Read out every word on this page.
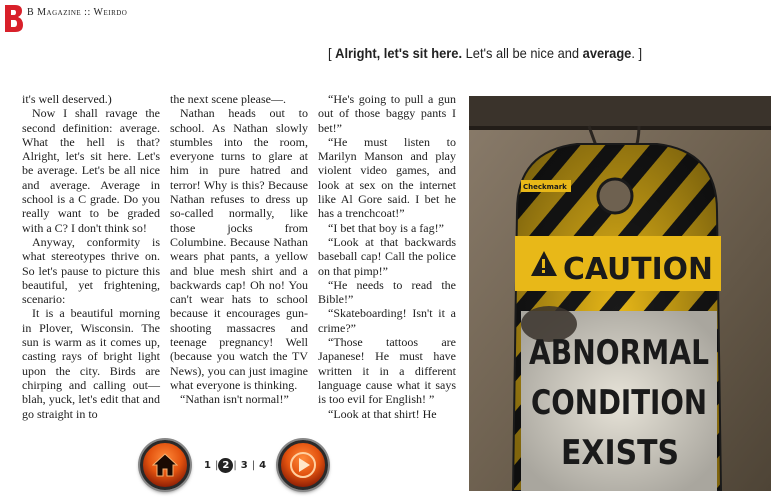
B Magazine :: Weirdo
[ Alright, let's sit here. Let's all be nice and average. ]

it's well deserved.)

Now I shall ravage the second definition: average. What the hell is that? Alright, let's sit here. Let's be average. Let's be all nice and average. Average in school is a C grade. Do you really want to be graded with a C? I don't think so!

Anyway, conformity is what stereotypes thrive on. So let's pause to picture this beautiful, yet frightening, scenario:

It is a beautiful morning in Plover, Wisconsin. The sun is warm as it comes up, casting rays of bright light upon the city. Birds are chirping and calling out—blah, yuck, let's edit that and go straight in to

the next scene please—.

Nathan heads out to school. As Nathan slowly stumbles into the room, everyone turns to glare at him in pure hatred and terror! Why is this? Because Nathan refuses to dress up so-called normally, like those jocks from Columbine. Because Nathan wears phat pants, a yellow and blue mesh shirt and a backwards cap! Oh no! You can't wear hats to school because it encourages gun-shooting massacres and teenage pregnancy! Well (because you watch the TV News), you can just imagine what everyone is thinking.

“Nathan isn't normal!”

“He's going to pull a gun out of those baggy pants I bet!”

“He must listen to Marilyn Manson and play violent video games, and look at sex on the internet like Al Gore said. I bet he has a trenchcoat!”

“I bet that boy is a fag!”

“Look at that backwards baseball cap! Call the police on that pimp!”

“He needs to read the Bible!”

“Skateboarding! Isn't it a crime?”

“Those tattoos are Japanese! He must have written it in a different language cause what it says is too evil for English! ”

“Look at that shirt! He

Checkmark
CAUTION
ABNORMAL
CONDITION
EXISTS
1 | 2 | 3 | 4
